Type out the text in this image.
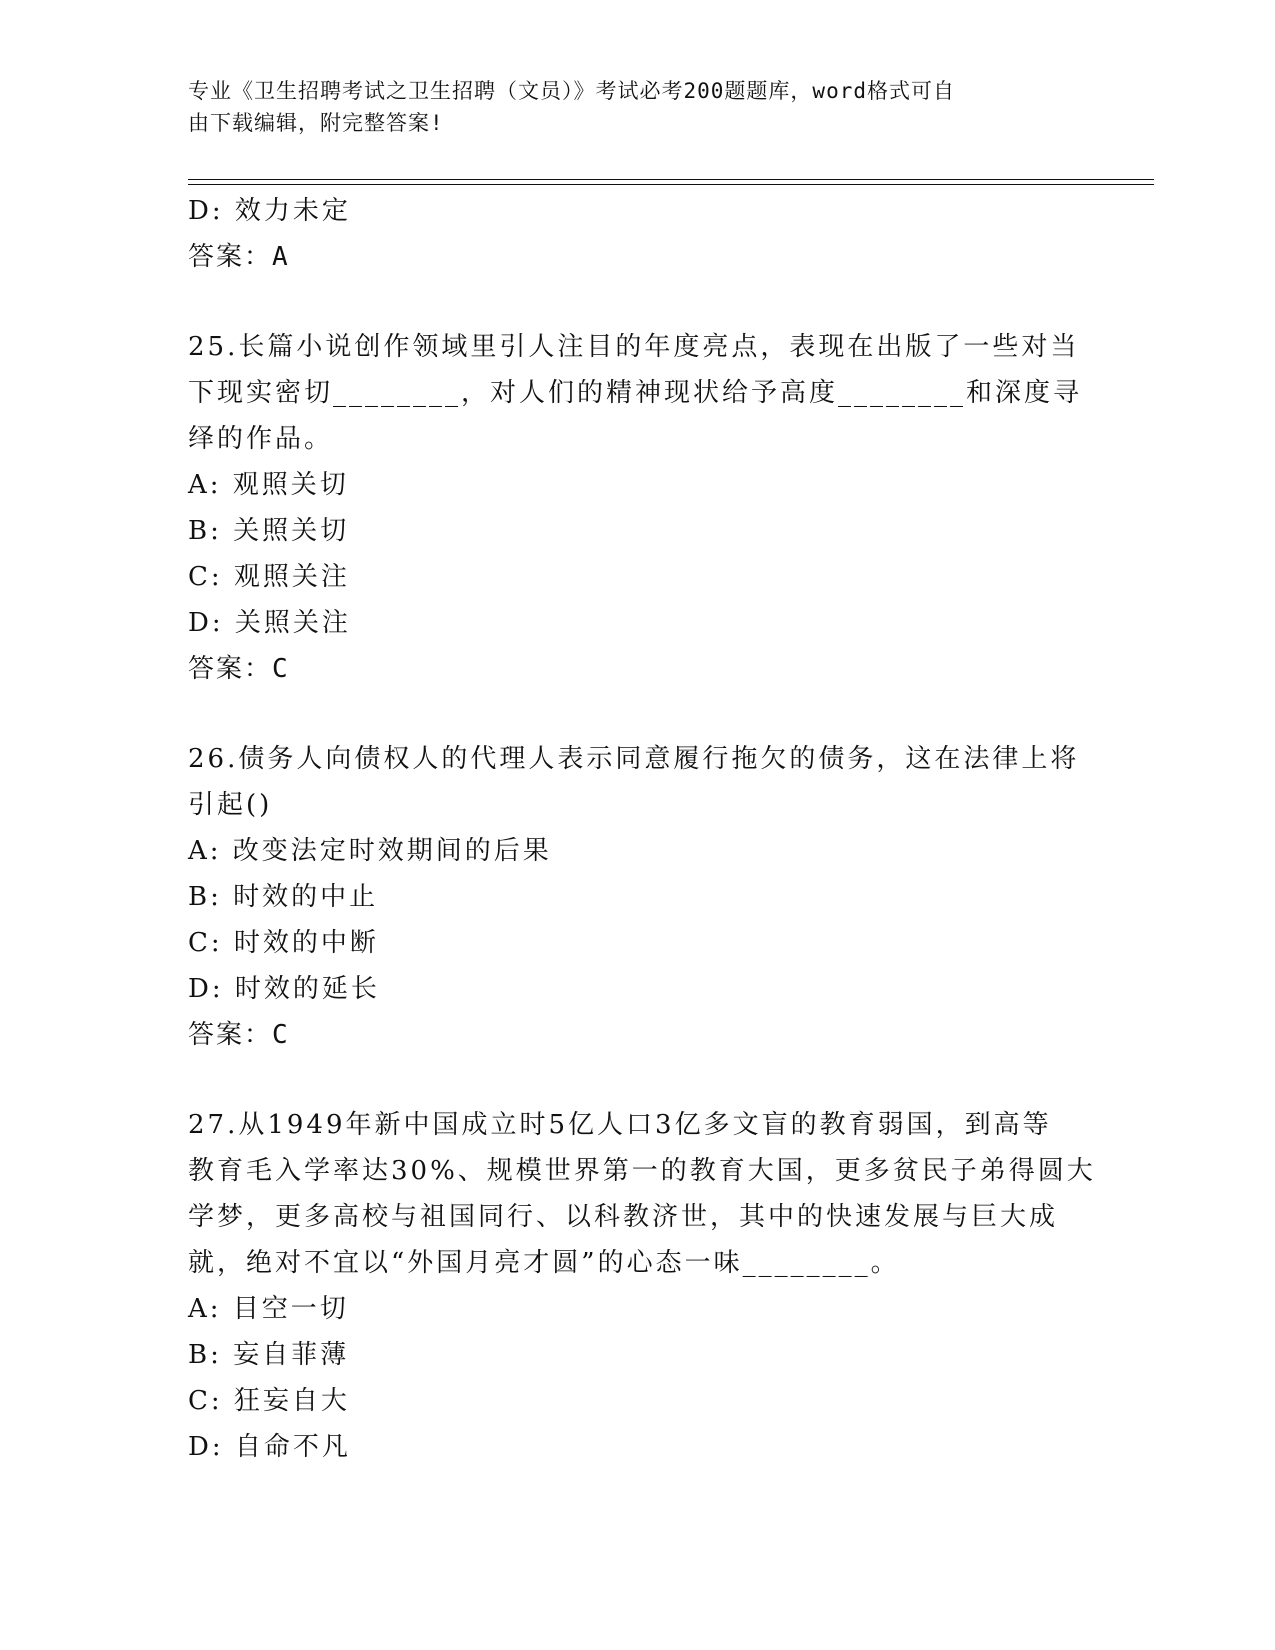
专业《卫生招聘考试之卫生招聘（文员）》考试必考200题题库，word格式可自
由下载编辑，附完整答案!
D: 效力未定
答案：A
25.长篇小说创作领域里引人注目的年度亮点，表现在出版了一些对当
下现实密切________，对人们的精神现状给予高度________和深度寻
绎的作品。
A: 观照关切
B: 关照关切
C: 观照关注
D: 关照关注
答案：C
26.债务人向债权人的代理人表示同意履行拖欠的债务，这在法律上将
引起()
A: 改变法定时效期间的后果
B: 时效的中止
C: 时效的中断
D: 时效的延长
答案：C
27.从1949年新中国成立时5亿人口3亿多文盲的教育弱国，到高等
教育毛入学率达30%、规模世界第一的教育大国，更多贫民子弟得圆大
学梦，更多高校与祖国同行、以科教济世，其中的快速发展与巨大成
就，绝对不宜以“外国月亮才圆”的心态一味________。
A: 目空一切
B: 妄自菲薄
C: 狂妄自大
D: 自命不凡
